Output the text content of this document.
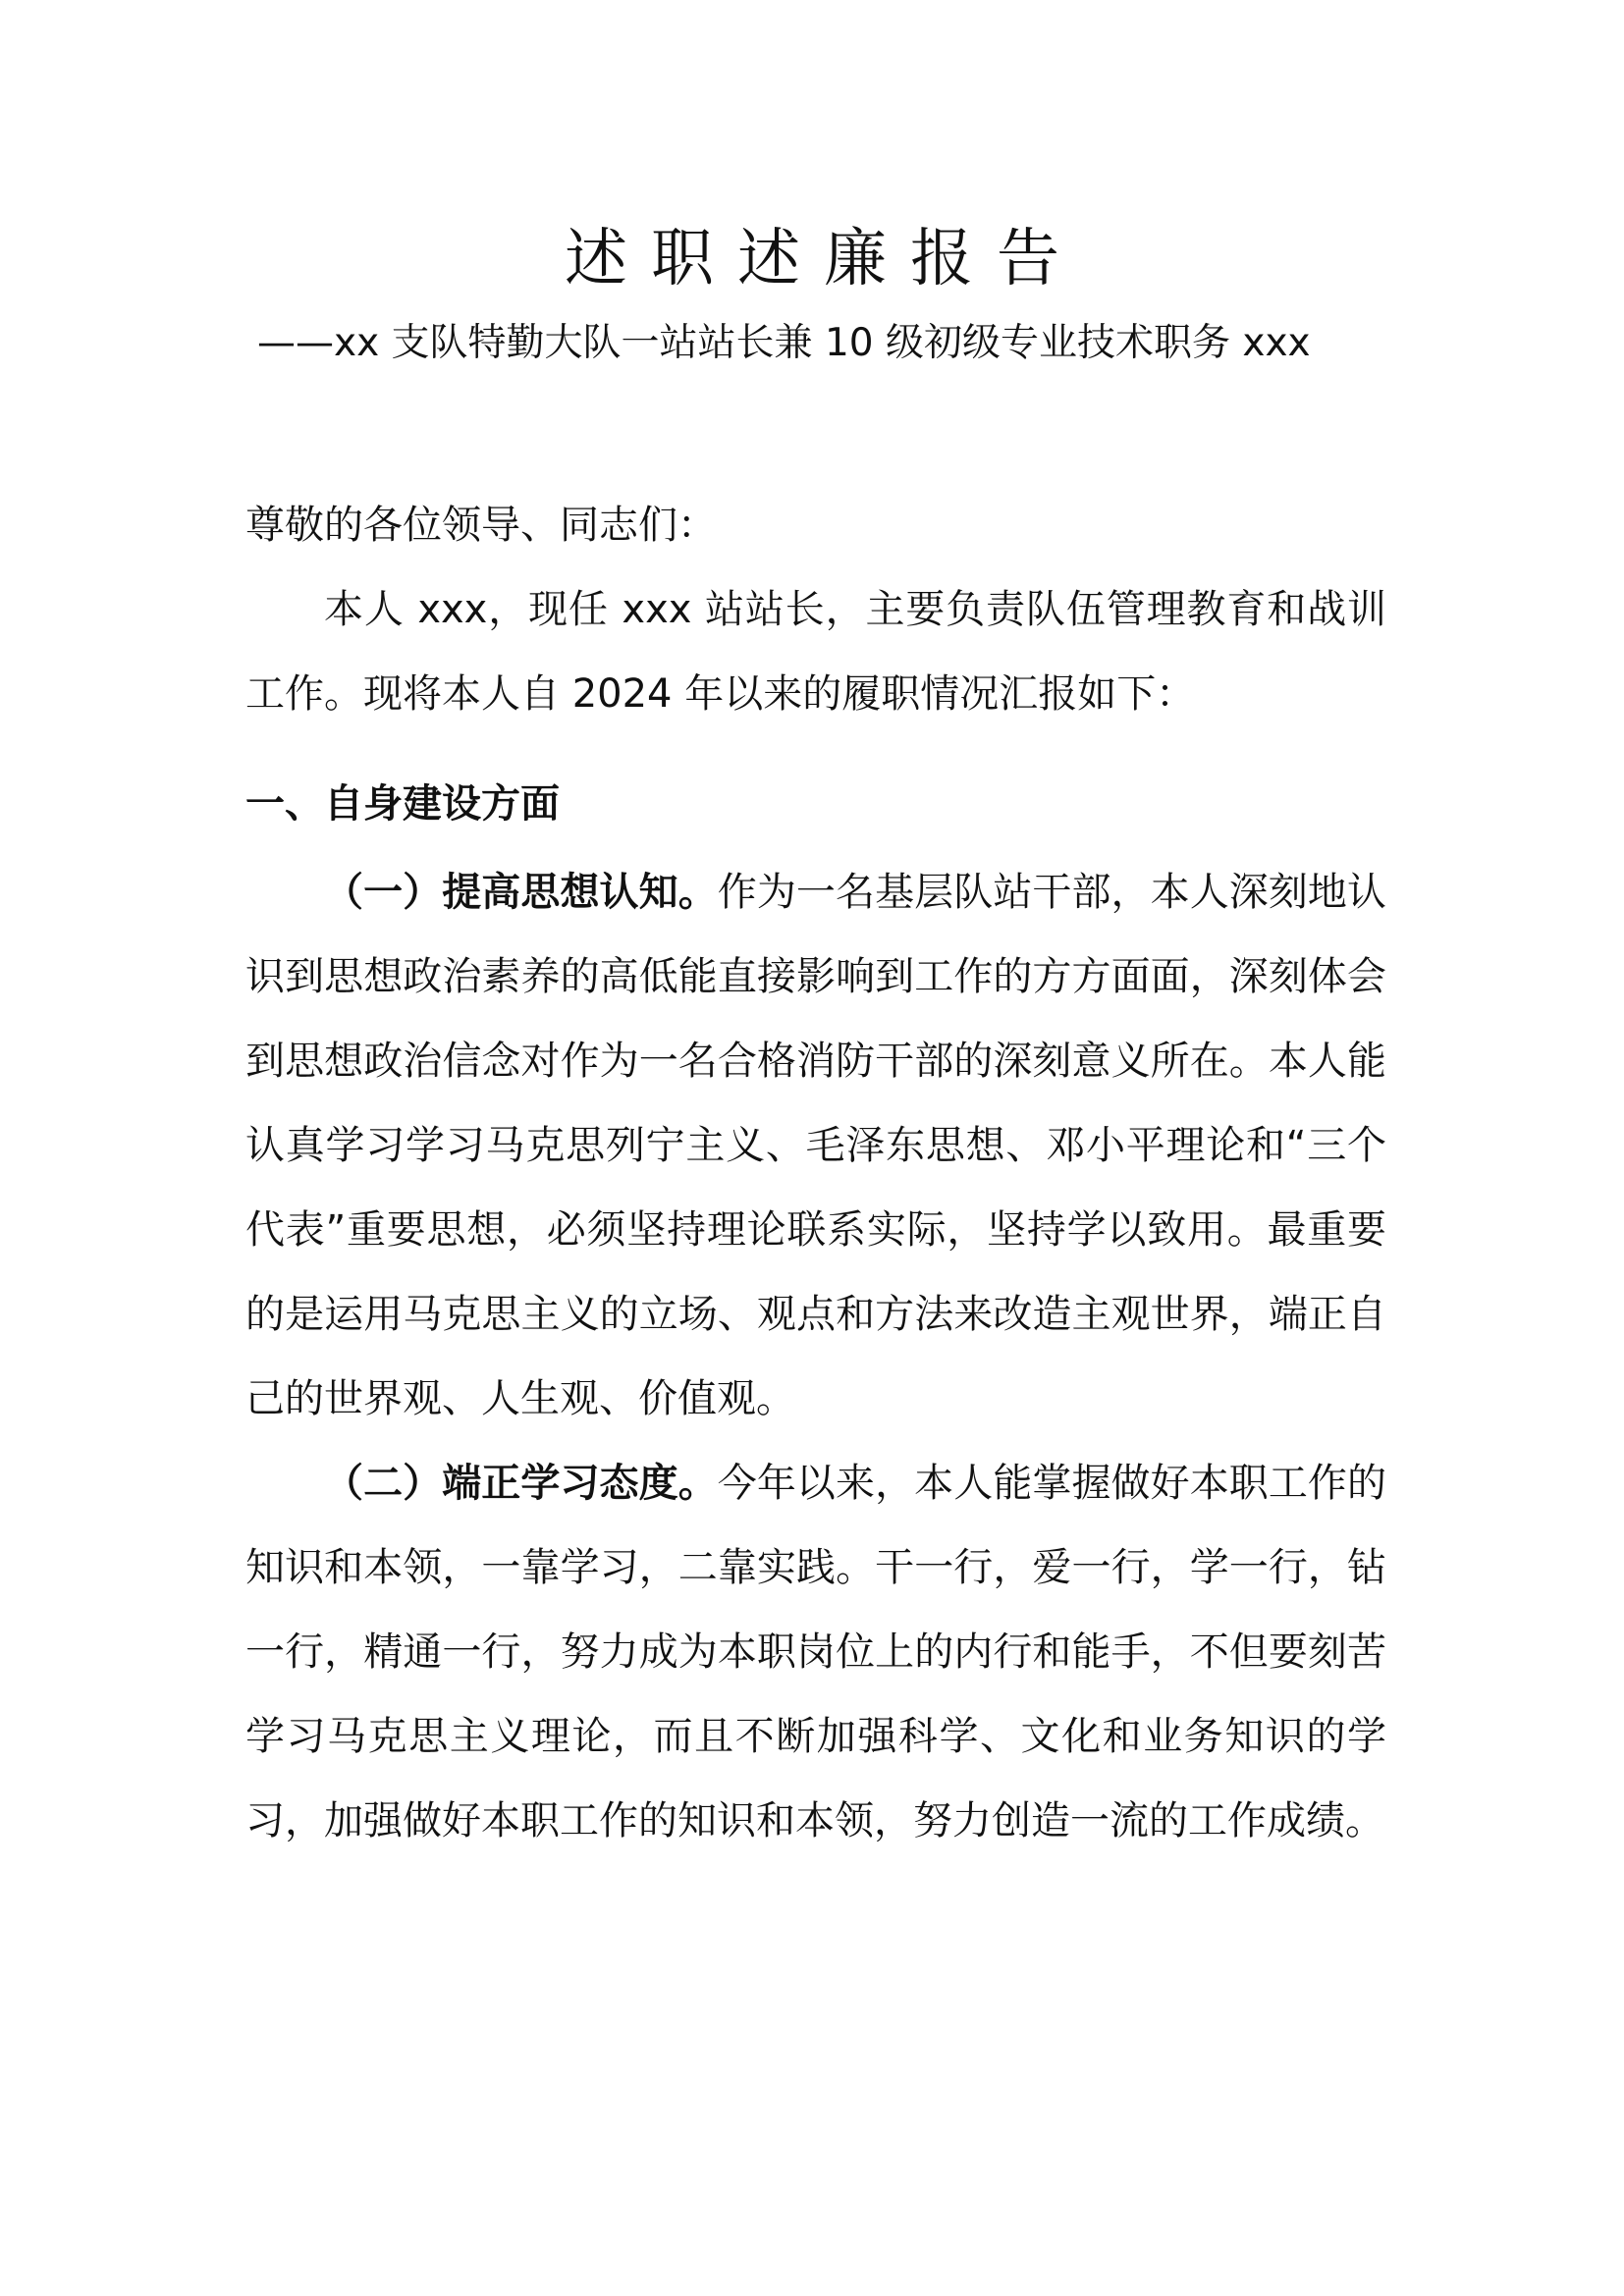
述职述廉报告

——xx 支队特勤大队一站站长兼 10 级初级专业技术职务 xxx

尊敬的各位领导、同志们：

本人 xxx，现任 xxx 站站长，主要负责队伍管理教育和战训工作。现将本人自 2024 年以来的履职情况汇报如下：

一、自身建设方面

（一）提高思想认知。作为一名基层队站干部，本人深刻地认识到思想政治素养的高低能直接影响到工作的方方面面，深刻体会到思想政治信念对作为一名合格消防干部的深刻意义所在。本人能认真学习学习马克思列宁主义、毛泽东思想、邓小平理论和“三个代表”重要思想，必须坚持理论联系实际，坚持学以致用。最重要的是运用马克思主义的立场、观点和方法来改造主观世界，端正自己的世界观、人生观、价值观。

（二）端正学习态度。今年以来，本人能掌握做好本职工作的知识和本领，一靠学习，二靠实践。干一行，爱一行，学一行，钻一行，精通一行，努力成为本职岗位上的内行和能手，不但要刻苦学习马克思主义理论，而且不断加强科学、文化和业务知识的学习，加强做好本职工作的知识和本领，努力创造一流的工作成绩。
